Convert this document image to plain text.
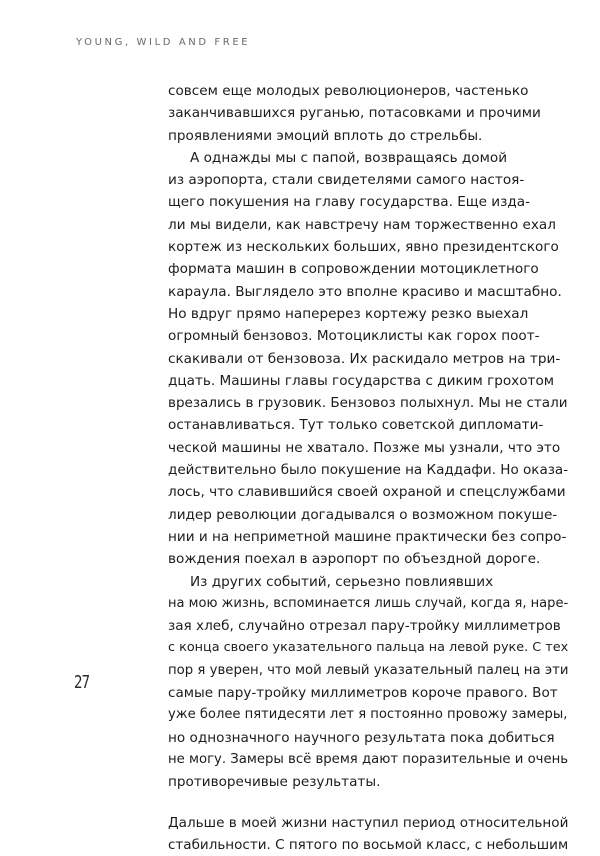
YOUNG, WILD AND FREE
совсем еще молодых революционеров, частенько
заканчивавшихся руганью, потасовками и прочими
проявлениями эмоций вплоть до стрельбы.
А однажды мы с папой, возвращаясь домой
из аэропорта, стали свидетелями самого настоя-
щего покушения на главу государства. Еще изда-
ли мы видели, как навстречу нам торжественно ехал
кортеж из нескольких больших, явно президентского
формата машин в сопровождении мотоциклетного
караула. Выглядело это вполне красиво и масштабно.
Но вдруг прямо наперерез кортежу резко выехал
огромный бензовоз. Мотоциклисты как горох поот-
скакивали от бензовоза. Их раскидало метров на три-
дцать. Машины главы государства с диким грохотом
врезались в грузовик. Бензовоз полыхнул. Мы не стали
останавливаться. Тут только советской дипломати-
ческой машины не хватало. Позже мы узнали, что это
действительно было покушение на Каддафи. Но оказа-
лось, что славившийся своей охраной и спецслужбами
лидер революции догадывался о возможном покуше-
нии и на неприметной машине практически без сопро-
вождения поехал в аэропорт по объездной дороге.
Из других событий, серьезно повлиявших
на мою жизнь, вспоминается лишь случай, когда я, наре-
зая хлеб, случайно отрезал пару-тройку миллиметров
с конца своего указательного пальца на левой руке. С тех
пор я уверен, что мой левый указательный палец на эти
самые пару-тройку миллиметров короче правого. Вот
уже более пятидесяти лет я постоянно провожу замеры,
но однозначного научного результата пока добиться
не могу. Замеры всё время дают поразительные и очень
противоречивые результаты.
Дальше в моей жизни наступил период относительной
стабильности. С пятого по восьмой класс, с небольшим
27
